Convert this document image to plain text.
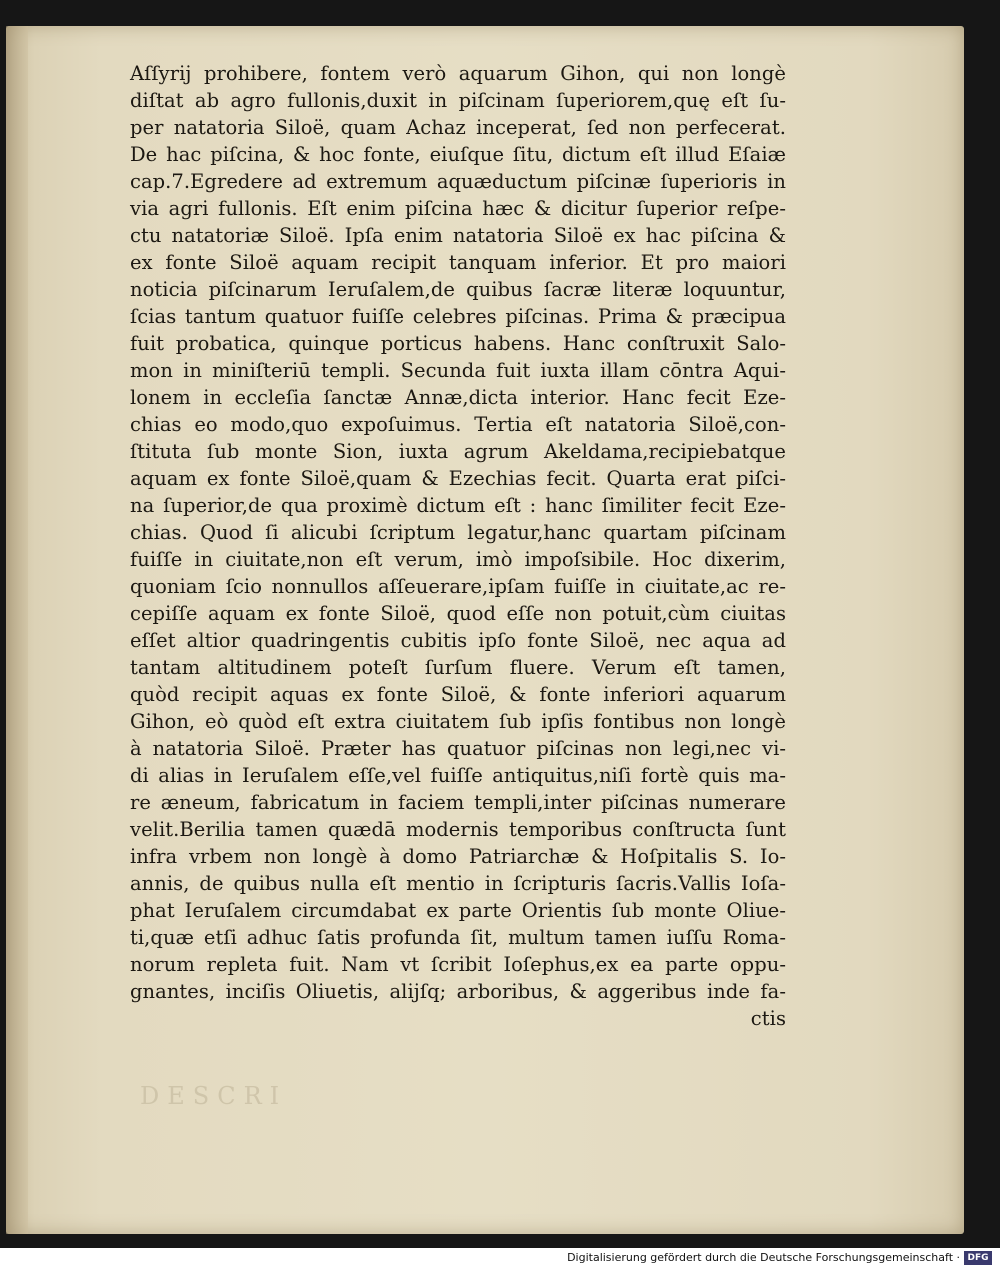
DESCRI
Aſſyrij prohibere, fontem verò aquarum Gihon, qui non longè
diſtat ab agro fullonis,duxit in piſcinam ſuperiorem,quę eſt ſu-
per natatoria Siloë, quam Achaz inceperat, ſed non perfecerat.
De hac piſcina, & hoc fonte, eiuſque ſitu, dictum eſt illud Eſaiæ
cap.7.Egredere ad extremum aquæductum piſcinæ ſuperioris in
via agri fullonis. Eſt enim piſcina hæc & dicitur ſuperior reſpe-
ctu natatoriæ Siloë. Ipſa enim natatoria Siloë ex hac piſcina &
ex fonte Siloë aquam recipit tanquam inferior. Et pro maiori
noticia piſcinarum Ieruſalem,de quibus ſacræ literæ loquuntur,
ſcias tantum quatuor fuiſſe celebres piſcinas. Prima & præcipua
fuit probatica, quinque porticus habens. Hanc conſtruxit Salo-
mon in miniſteriū templi. Secunda fuit iuxta illam cōntra Aqui-
lonem in eccleſia ſanctæ Annæ,dicta interior. Hanc fecit Eze-
chias eo modo,quo expoſuimus. Tertia eſt natatoria Siloë,con-
ſtituta ſub monte Sion, iuxta agrum Akeldama,recipiebatque
aquam ex fonte Siloë,quam & Ezechias fecit. Quarta erat piſci-
na ſuperior,de qua proximè dictum eſt : hanc ſimiliter fecit Eze-
chias. Quod ſi alicubi ſcriptum legatur,hanc quartam piſcinam
fuiſſe in ciuitate,non eſt verum, imò impoſsibile. Hoc dixerim,
quoniam ſcio nonnullos aſſeuerare,ipſam fuiſſe in ciuitate,ac re-
cepiſſe aquam ex fonte Siloë, quod eſſe non potuit,cùm ciuitas
eſſet altior quadringentis cubitis ipſo fonte Siloë, nec aqua ad
tantam altitudinem poteſt ſurſum fluere. Verum eſt tamen,
quòd recipit aquas ex fonte Siloë, & fonte inferiori aquarum
Gihon, eò quòd eſt extra ciuitatem ſub ipſis fontibus non longè
à natatoria Siloë. Præter has quatuor piſcinas non legi,nec vi-
di alias in Ieruſalem eſſe,vel fuiſſe antiquitus,niſi fortè quis ma-
re æneum, fabricatum in faciem templi,inter piſcinas numerare
velit.Berilia tamen quædā modernis temporibus conſtructa ſunt
infra vrbem non longè à domo Patriarchæ & Hoſpitalis S. Io-
annis, de quibus nulla eſt mentio in ſcripturis ſacris.Vallis Ioſa-
phat Ieruſalem circumdabat ex parte Orientis ſub monte Oliue-
ti,quæ etſi adhuc ſatis profunda ſit, multum tamen iuſſu Roma-
norum repleta fuit. Nam vt ſcribit Ioſephus,ex ea parte oppu-
gnantes, inciſis Oliuetis, alijſq; arboribus, & aggeribus inde fa-
ctis
Digitalisierung gefördert durch die Deutsche Forschungsgemeinschaft · DFG
